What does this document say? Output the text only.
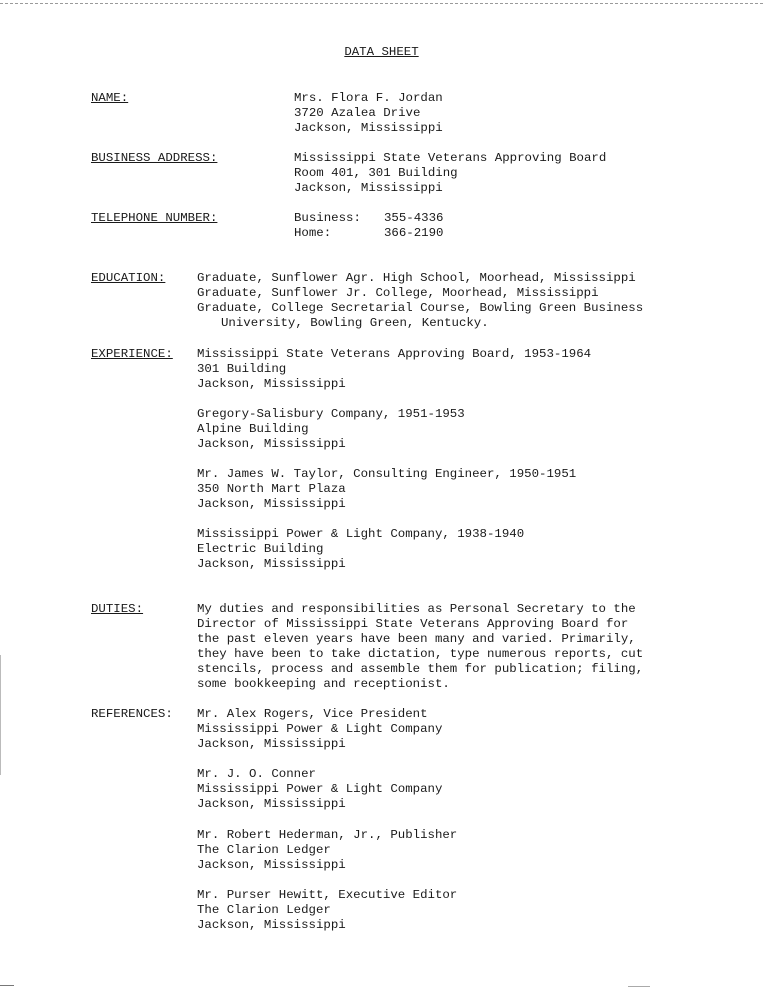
DATA SHEET
NAME:	Mrs. Flora F. Jordan
3720 Azalea Drive
Jackson, Mississippi
BUSINESS ADDRESS:	Mississippi State Veterans Approving Board
Room 401, 301 Building
Jackson, Mississippi
TELEPHONE NUMBER:	Business: 355-4336
Home:	366-2190
EDUCATION:	Graduate, Sunflower Agr. High School, Moorhead, Mississippi
Graduate, Sunflower Jr. College, Moorhead, Mississippi
Graduate, College Secretarial Course, Bowling Green Business
University, Bowling Green, Kentucky.
EXPERIENCE: Mississippi State Veterans Approving Board, 1953-1964
301 Building
Jackson, Mississippi
Gregory-Salisbury Company, 1951-1953
Alpine Building
Jackson, Mississippi
Mr. James W. Taylor, Consulting Engineer, 1950-1951
350 North Mart Plaza
Jackson, Mississippi
Mississippi Power & Light Company, 1938-1940
Electric Building
Jackson, Mississippi
DUTIES:	My duties and responsibilities as Personal Secretary to the
Director of Mississippi State Veterans Approving Board for
the past eleven years have been many and varied. Primarily,
they have been to take dictation, type numerous reports, cut
stencils, process and assemble them for publication; filing,
some bookkeeping and receptionist.
REFERENCES: Mr. Alex Rogers, Vice President
Mississippi Power & Light Company
Jackson, Mississippi
Mr. J. O. Conner
Mississippi Power & Light Company
Jackson, Mississippi
Mr. Robert Hederman, Jr., Publisher
The Clarion Ledger
Jackson, Mississippi
Mr. Purser Hewitt, Executive Editor
The Clarion Ledger
Jackson, Mississippi
